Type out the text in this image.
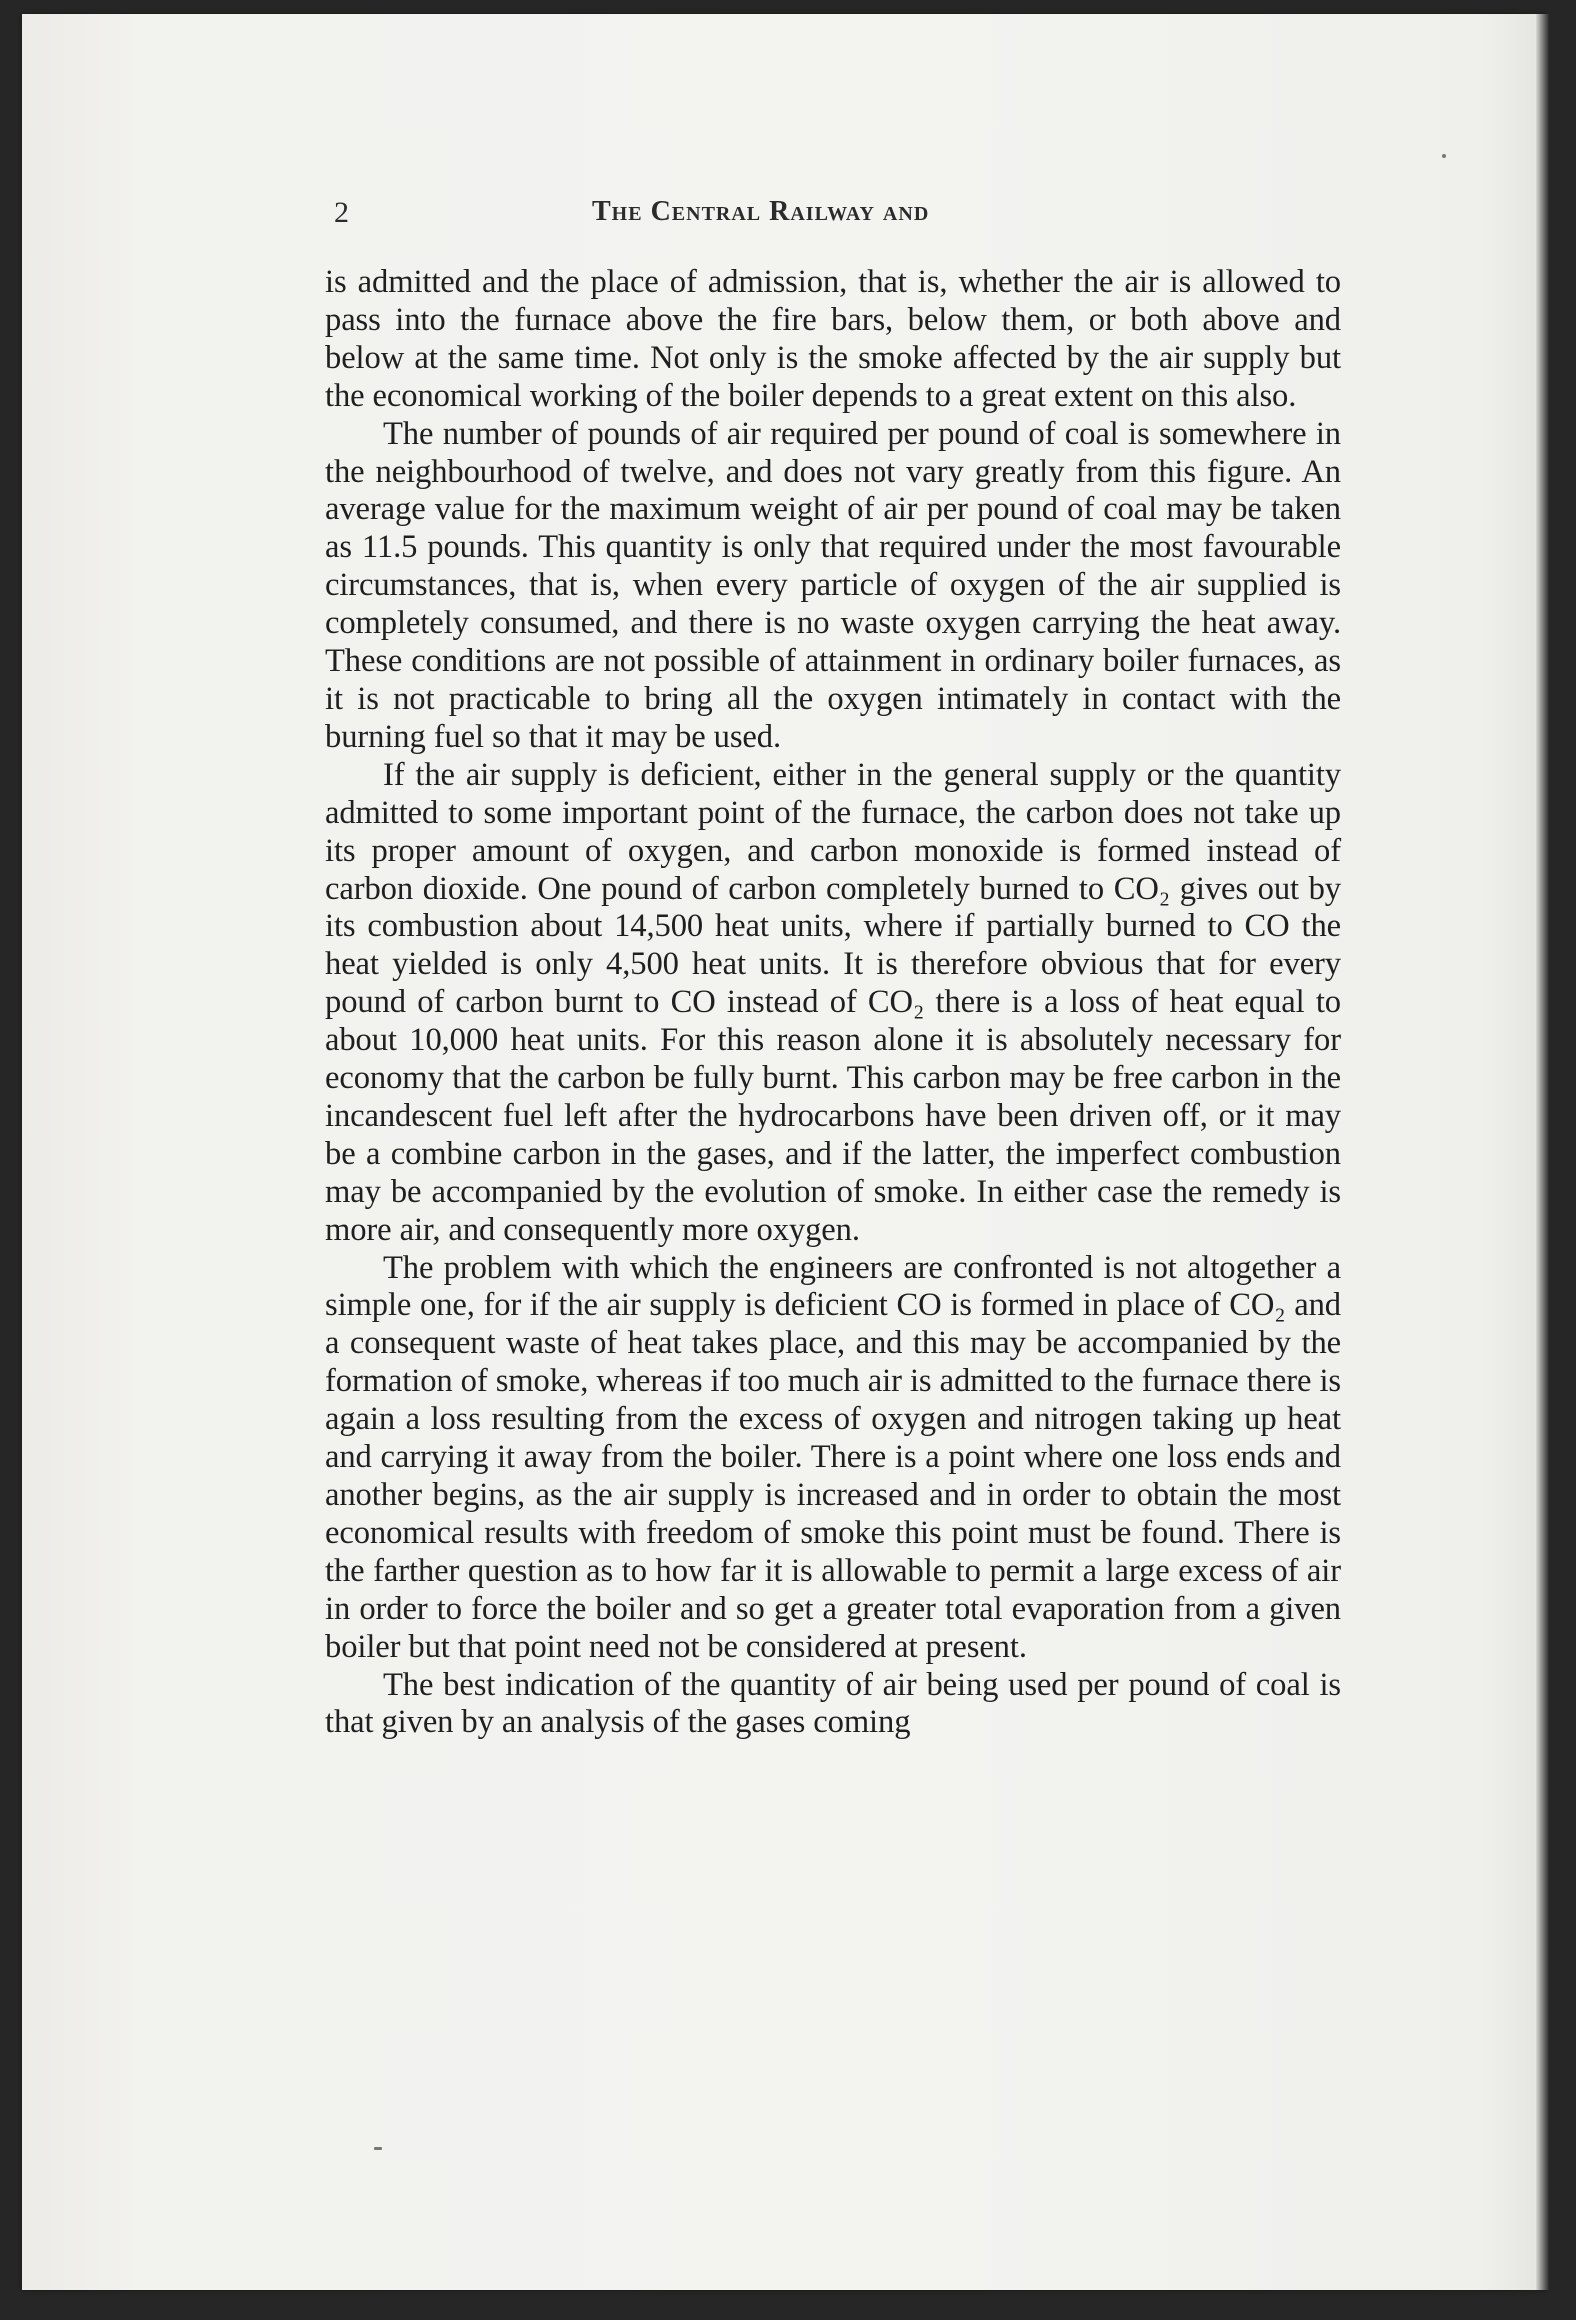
2	The Central Railway and

is admitted and the place of admission, that is, whether the air is allowed to pass into the furnace above the fire bars, below them, or both above and below at the same time. Not only is the smoke affected by the air supply but the economical working of the boiler depends to a great extent on this also.

The number of pounds of air required per pound of coal is somewhere in the neighbourhood of twelve, and does not vary greatly from this figure. An average value for the maximum weight of air per pound of coal may be taken as 11.5 pounds. This quantity is only that required under the most favourable circumstances, that is, when every particle of oxygen of the air supplied is completely consumed, and there is no waste oxygen carrying the heat away. These conditions are not possible of attainment in ordinary boiler furnaces, as it is not practicable to bring all the oxygen intimately in contact with the burning fuel so that it may be used.

If the air supply is deficient, either in the general supply or the quantity admitted to some important point of the furnace, the carbon does not take up its proper amount of oxygen, and carbon monoxide is formed instead of carbon dioxide. One pound of carbon completely burned to CO₂ gives out by its combustion about 14,500 heat units, where if partially burned to CO the heat yielded is only 4,500 heat units. It is therefore obvious that for every pound of carbon burnt to CO instead of CO₂ there is a loss of heat equal to about 10,000 heat units. For this reason alone it is absolutely necessary for economy that the carbon be fully burnt. This carbon may be free carbon in the incandescent fuel left after the hydrocarbons have been driven off, or it may be a combine carbon in the gases, and if the latter, the imperfect combustion may be accompanied by the evolution of smoke. In either case the remedy is more air, and consequently more oxygen.

The problem with which the engineers are confronted is not altogether a simple one, for if the air supply is deficient CO is formed in place of CO₂ and a consequent waste of heat takes place, and this may be accompanied by the formation of smoke, whereas if too much air is admitted to the furnace there is again a loss resulting from the excess of oxygen and nitrogen taking up heat and carrying it away from the boiler. There is a point where one loss ends and another begins, as the air supply is increased and in order to obtain the most economical results with freedom of smoke this point must be found. There is the farther question as to how far it is allowable to permit a large excess of air in order to force the boiler and so get a greater total evaporation from a given boiler but that point need not be considered at present.

The best indication of the quantity of air being used per pound of coal is that given by an analysis of the gases coming
